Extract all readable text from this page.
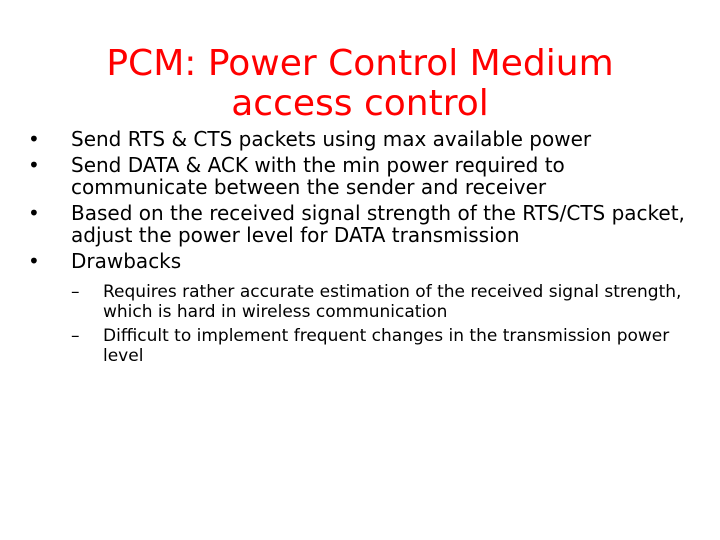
PCM: Power Control Medium
access control
• Send RTS & CTS packets using max available power
• Send DATA & ACK with the min power required to communicate between the sender and receiver
• Based on the received signal strength of the RTS/CTS packet, adjust the power level for DATA transmission
• Drawbacks
– Requires rather accurate estimation of the received signal strength, which is hard in wireless communication
– Difficult to implement frequent changes in the transmission power level
